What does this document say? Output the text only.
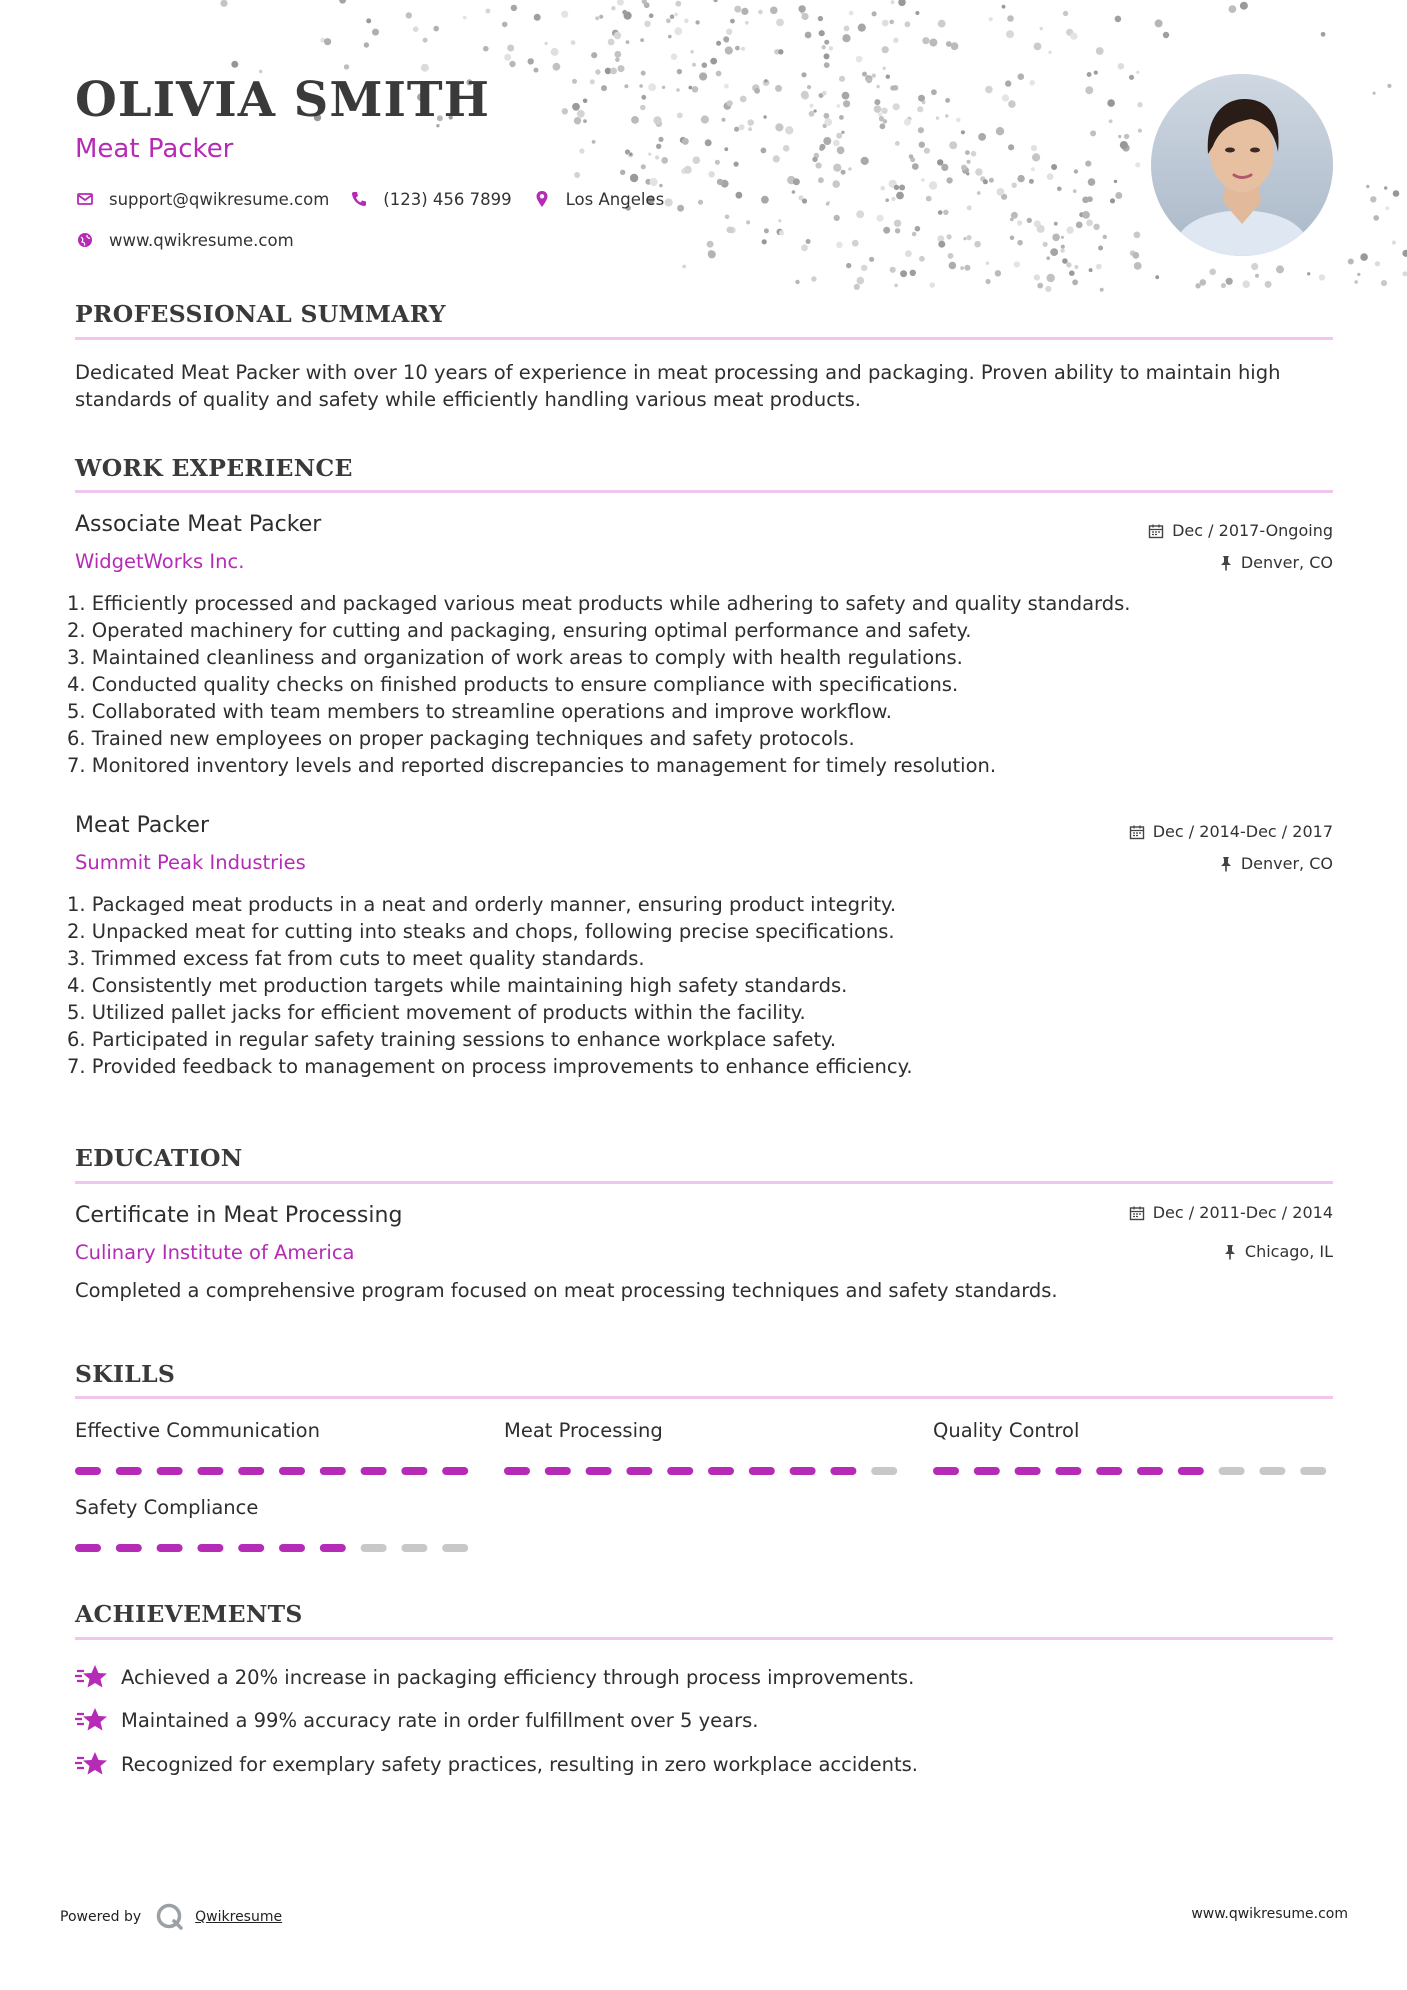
OLIVIA SMITH
Meat Packer
support@qwikresume.com	(123) 456 7899	Los Angeles
www.qwikresume.com
PROFESSIONAL SUMMARY
Dedicated Meat Packer with over 10 years of experience in meat processing and packaging. Proven ability to maintain high standards of quality and safety while efficiently handling various meat products.
WORK EXPERIENCE
Associate Meat Packer
WidgetWorks Inc.
Dec / 2017-Ongoing
Denver, CO
1. Efficiently processed and packaged various meat products while adhering to safety and quality standards.
2. Operated machinery for cutting and packaging, ensuring optimal performance and safety.
3. Maintained cleanliness and organization of work areas to comply with health regulations.
4. Conducted quality checks on finished products to ensure compliance with specifications.
5. Collaborated with team members to streamline operations and improve workflow.
6. Trained new employees on proper packaging techniques and safety protocols.
7. Monitored inventory levels and reported discrepancies to management for timely resolution.
Meat Packer
Summit Peak Industries
Dec / 2014-Dec / 2017
Denver, CO
1. Packaged meat products in a neat and orderly manner, ensuring product integrity.
2. Unpacked meat for cutting into steaks and chops, following precise specifications.
3. Trimmed excess fat from cuts to meet quality standards.
4. Consistently met production targets while maintaining high safety standards.
5. Utilized pallet jacks for efficient movement of products within the facility.
6. Participated in regular safety training sessions to enhance workplace safety.
7. Provided feedback to management on process improvements to enhance efficiency.
EDUCATION
Certificate in Meat Processing
Culinary Institute of America
Dec / 2011-Dec / 2014
Chicago, IL
Completed a comprehensive program focused on meat processing techniques and safety standards.
SKILLS
Effective Communication	Meat Processing	Quality Control
Safety Compliance
ACHIEVEMENTS
Achieved a 20% increase in packaging efficiency through process improvements.
Maintained a 99% accuracy rate in order fulfillment over 5 years.
Recognized for exemplary safety practices, resulting in zero workplace accidents.
Powered by	Qwikresume	www.qwikresume.com
